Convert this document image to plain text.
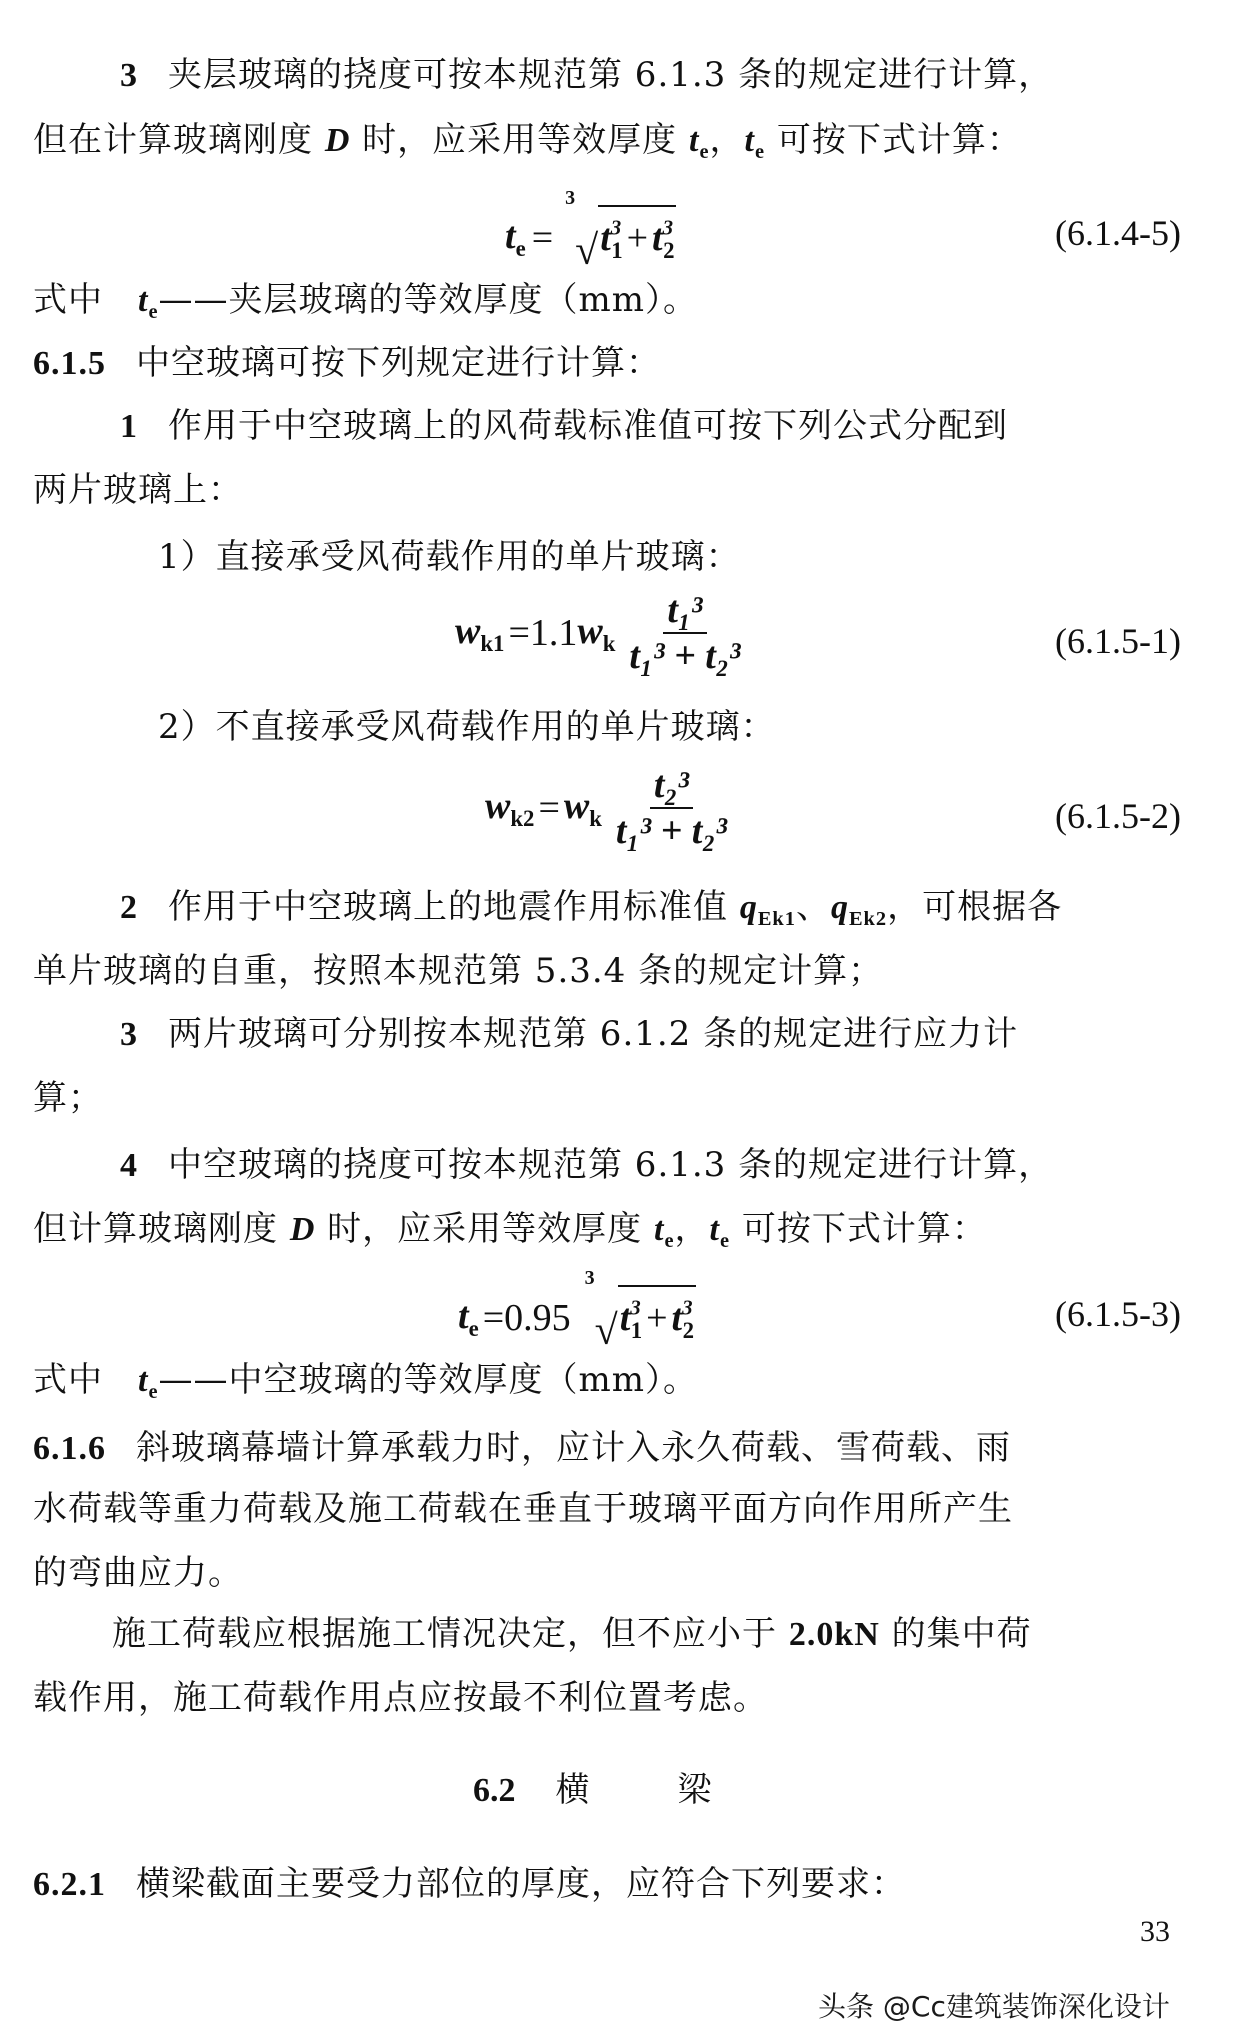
3 夹层玻璃的挠度可按本规范第 6.1.3 条的规定进行计算，
但在计算玻璃刚度 D 时，应采用等效厚度 $t_e$，$t_e$ 可按下式计算：
$t_e$ =
3
√ $t^3_1 + t^3_2$	(6.1.4-5)
式中　$t_e——$夹层玻璃的等效厚度（mm）。
6.1.5 中空玻璃可按下列规定进行计算：
1 作用于中空玻璃上的风荷载标准值可按下列公式分配到
两片玻璃上：
1）直接承受风荷载作用的单片玻璃：
$w_{k1} =1.1$ $w_k \frac{\text{t₁³}}{\text{t₁³ + t₂³}}$	(6.1.5-1)
2）不直接承受风荷载作用的单片玻璃：
$w_{k2} = w_k \frac{\text{t₂³}}{\text{t₁³ + t₂³}}$	(6.1.5-2)
2 作用于中空玻璃上的地震作用标准值 $q_{Ek1}$、$q_{Ek2}$，可根据各
单片玻璃的自重，按照本规范第 5.3.4 条的规定计算；
3 两片玻璃可分别按本规范第 6.1.2 条的规定进行应力计
算；
4 中空玻璃的挠度可按本规范第 6.1.3 条的规定进行计算，
但计算玻璃刚度 D 时，应采用等效厚度 $t_e$，$t_e$ 可按下式计算：
$t_e =0.95$
3
√ $t^3_1 + t^3_2$	(6.1.5-3)
式中　$t_e——$中空玻璃的等效厚度（mm）。
6.1.6 斜玻璃幕墙计算承载力时，应计入永久荷载、雪荷载、雨
水荷载等重力荷载及施工荷载在垂直于玻璃平面方向作用所产生
的弯曲应力。
施工荷载应根据施工情况决定，但不应小于 2.0kN 的集中荷
载作用，施工荷载作用点应按最不利位置考虑。
6.2 横	梁
6.2.1 横梁截面主要受力部位的厚度，应符合下列要求：
33
头条 @Cc建筑装饰深化设计
